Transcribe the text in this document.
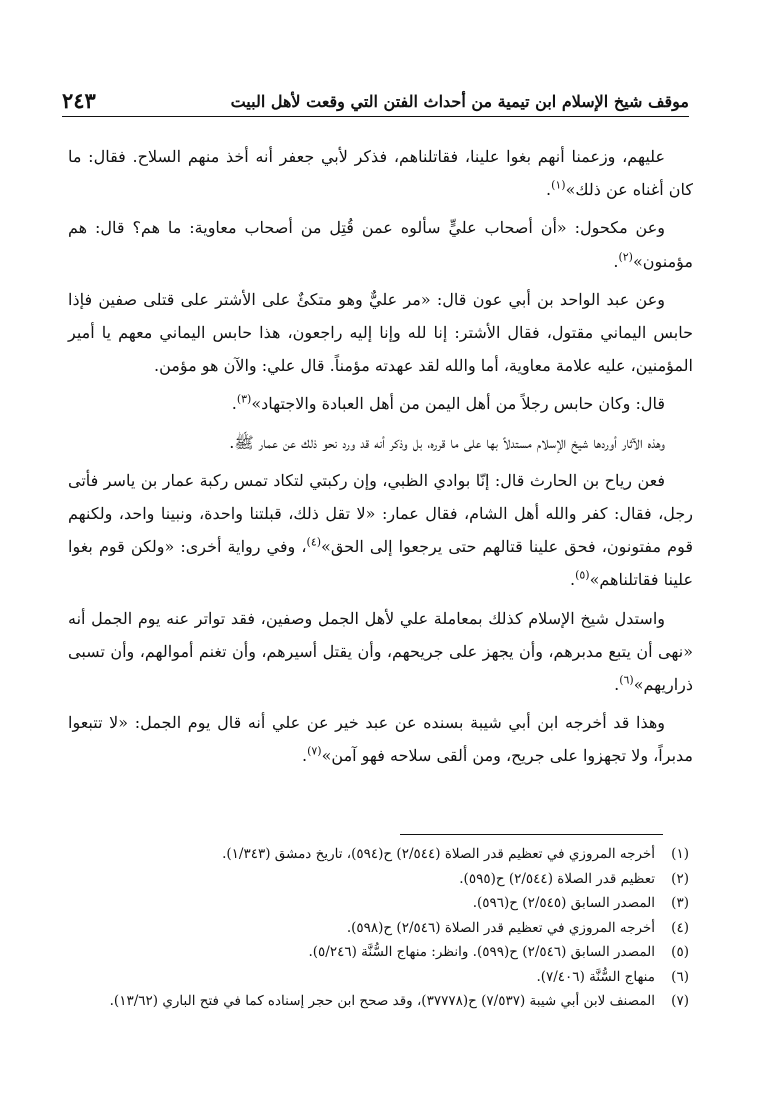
موقف شيخ الإسلام ابن تيمية من أحداث الفتن التي وقعت لأهل البيت
٢٤٣

عليهم، وزعمنا أنهم بغوا علينا، فقاتلناهم، فذكر لأبي جعفر أنه أخذ منهم السلاح. فقال: ما كان أغناه عن ذلك»$^{(١)}$.

وعن مكحول: «أن أصحاب عليٍّ سألوه عمن قُتِل من أصحاب معاوية: ما هم؟ قال: هم مؤمنون»$^{(٢)}$.

وعن عبد الواحد بن أبي عون قال: «مر عليٌّ وهو متكئٌ على الأشتر على قتلى صفين فإذا حابس اليماني مقتول، فقال الأشتر: إنا لله وإنا إليه راجعون، هذا حابس اليماني معهم يا أمير المؤمنين، عليه علامة معاوية، أما والله لقد عهدته مؤمناً. قال علي: والآن هو مؤمن.

قال: وكان حابس رجلاً من أهل اليمن من أهل العبادة والاجتهاد»$^{(٣)}$.

وهذه الآثار أوردها شيخ الإسلام مستدلاً بها على ما قرره، بل وذكر أنه قد ورد نحو ذلك عن عمار ﷺ.

فعن رياح بن الحارث قال: إنّا بوادي الظبي، وإن ركبتي لتكاد تمس ركبة عمار بن ياسر فأتى رجل، فقال: كفر والله أهل الشام، فقال عمار: «لا تقل ذلك، قبلتنا واحدة، ونبينا واحد، ولكنهم قوم مفتونون، فحق علينا قتالهم حتى يرجعوا إلى الحق»$^{(٤)}$، وفي رواية أخرى: «ولكن قوم بغوا علينا فقاتلناهم»$^{(٥)}$.

واستدل شيخ الإسلام كذلك بمعاملة علي لأهل الجمل وصفين، فقد تواتر عنه يوم الجمل أنه «نهى أن يتبع مدبرهم، وأن يجهز على جريحهم، وأن يقتل أسيرهم، وأن تغنم أموالهم، وأن تسبى ذراريهم»$^{(٦)}$.

وهذا قد أخرجه ابن أبي شيبة بسنده عن عبد خير عن علي أنه قال يوم الجمل: «لا تتبعوا مدبراً، ولا تجهزوا على جريح، ومن ألقى سلاحه فهو آمن»$^{(٧)}$.

(١)
أخرجه المروزي في تعظيم قدر الصلاة (٢/٥٤٤) ح(٥٩٤)، تاريخ دمشق (١/٣٤٣).
(٢)
تعظيم قدر الصلاة (٢/٥٤٤) ح(٥٩٥).
(٣)
المصدر السابق (٢/٥٤٥) ح(٥٩٦).
(٤)
أخرجه المروزي في تعظيم قدر الصلاة (٢/٥٤٦) ح(٥٩٨).
(٥)
المصدر السابق (٢/٥٤٦) ح(٥٩٩). وانظر: منهاج السُّنَّة (٥/٢٤٦).
(٦)
منهاج السُّنَّة (٧/٤٠٦).
(٧)
المصنف لابن أبي شيبة (٧/٥٣٧) ح(٣٧٧٧٨)، وقد صحح ابن حجر إسناده كما في فتح الباري (١٣/٦٢).
